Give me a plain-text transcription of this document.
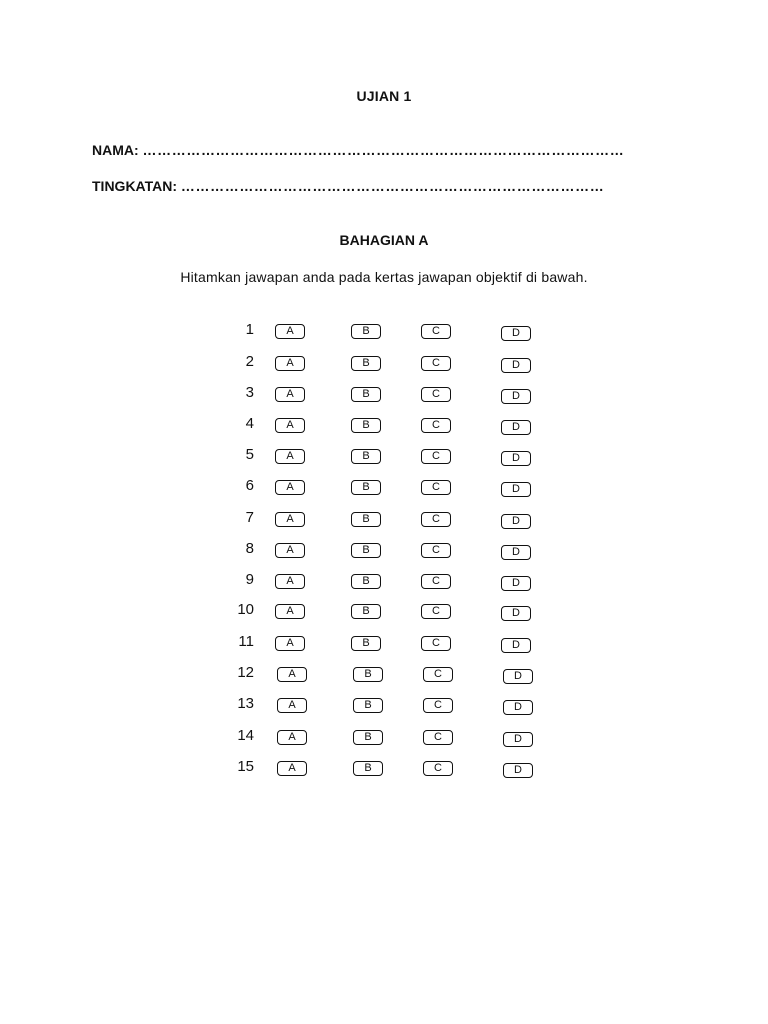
UJIAN 1
NAMA: ………………………………………………………………………………………
TINGKATAN: ……………………………………………………………………………
BAHAGIAN A
Hitamkan jawapan anda pada kertas jawapan objektif di bawah.
1	A	B	C	D
2	A	B	C	D
3	A	B	C	D
4	A	B	C	D
5	A	B	C	D
6	A	B	C	D
7	A	B	C	D
8	A	B	C	D
9	A	B	C	D
10	A	B	C	D
11	A	B	C	D
12	A	B	C	D
13	A	B	C	D
14	A	B	C	D
15	A	B	C	D
